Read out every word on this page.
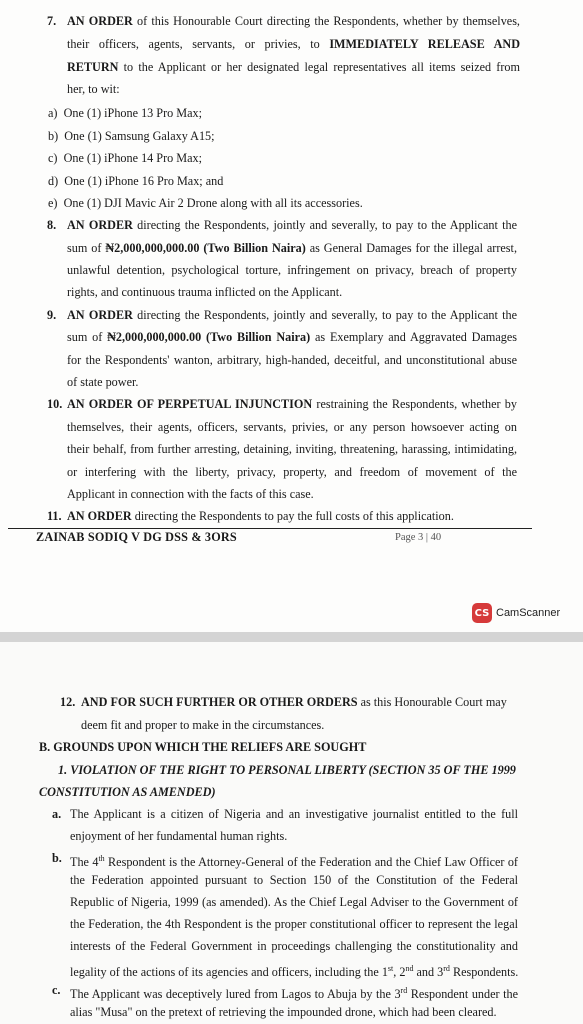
7. AN ORDER of this Honourable Court directing the Respondents, whether by themselves,
their officers, agents, servants, or privies, to IMMEDIATELY RELEASE AND
RETURN to the Applicant or her designated legal representatives all items seized from
her, to wit:
a) One (1) iPhone 13 Pro Max;
b) One (1) Samsung Galaxy A15;
c) One (1) iPhone 14 Pro Max;
d) One (1) iPhone 16 Pro Max; and
e) One (1) DJI Mavic Air 2 Drone along with all its accessories.
8. AN ORDER directing the Respondents, jointly and severally, to pay to the Applicant the
sum of ₦2,000,000,000.00 (Two Billion Naira) as General Damages for the illegal arrest,
unlawful detention, psychological torture, infringement on privacy, breach of property
rights, and continuous trauma inflicted on the Applicant.
9. AN ORDER directing the Respondents, jointly and severally, to pay to the Applicant the
sum of ₦2,000,000,000.00 (Two Billion Naira) as Exemplary and Aggravated Damages
for the Respondents' wanton, arbitrary, high-handed, deceitful, and unconstitutional abuse
of state power.
10. AN ORDER OF PERPETUAL INJUNCTION restraining the Respondents, whether by
themselves, their agents, officers, servants, privies, or any person howsoever acting on
their behalf, from further arresting, detaining, inviting, threatening, harassing, intimidating,
or interfering with the liberty, privacy, property, and freedom of movement of the
Applicant in connection with the facts of this case.
11. AN ORDER directing the Respondents to pay the full costs of this application.
ZAINAB SODIQ V DG DSS & 3ORS	Page 3 | 40
CS CamScanner
12. AND FOR SUCH FURTHER OR OTHER ORDERS as this Honourable Court may
deem fit and proper to make in the circumstances.
B. GROUNDS UPON WHICH THE RELIEFS ARE SOUGHT
1. VIOLATION OF THE RIGHT TO PERSONAL LIBERTY (SECTION 35 OF THE 1999
CONSTITUTION AS AMENDED)
a. The Applicant is a citizen of Nigeria and an investigative journalist entitled to the full
enjoyment of her fundamental human rights.
b. The 4th Respondent is the Attorney-General of the Federation and the Chief Law Officer of
the Federation appointed pursuant to Section 150 of the Constitution of the Federal
Republic of Nigeria, 1999 (as amended). As the Chief Legal Adviser to the Government of
the Federation, the 4th Respondent is the proper constitutional officer to represent the legal
interests of the Federal Government in proceedings challenging the constitutionality and
legality of the actions of its agencies and officers, including the 1st, 2nd and 3rd Respondents.
c. The Applicant was deceptively lured from Lagos to Abuja by the 3rd Respondent under the
alias "Musa" on the pretext of retrieving the impounded drone, which had been cleared.
